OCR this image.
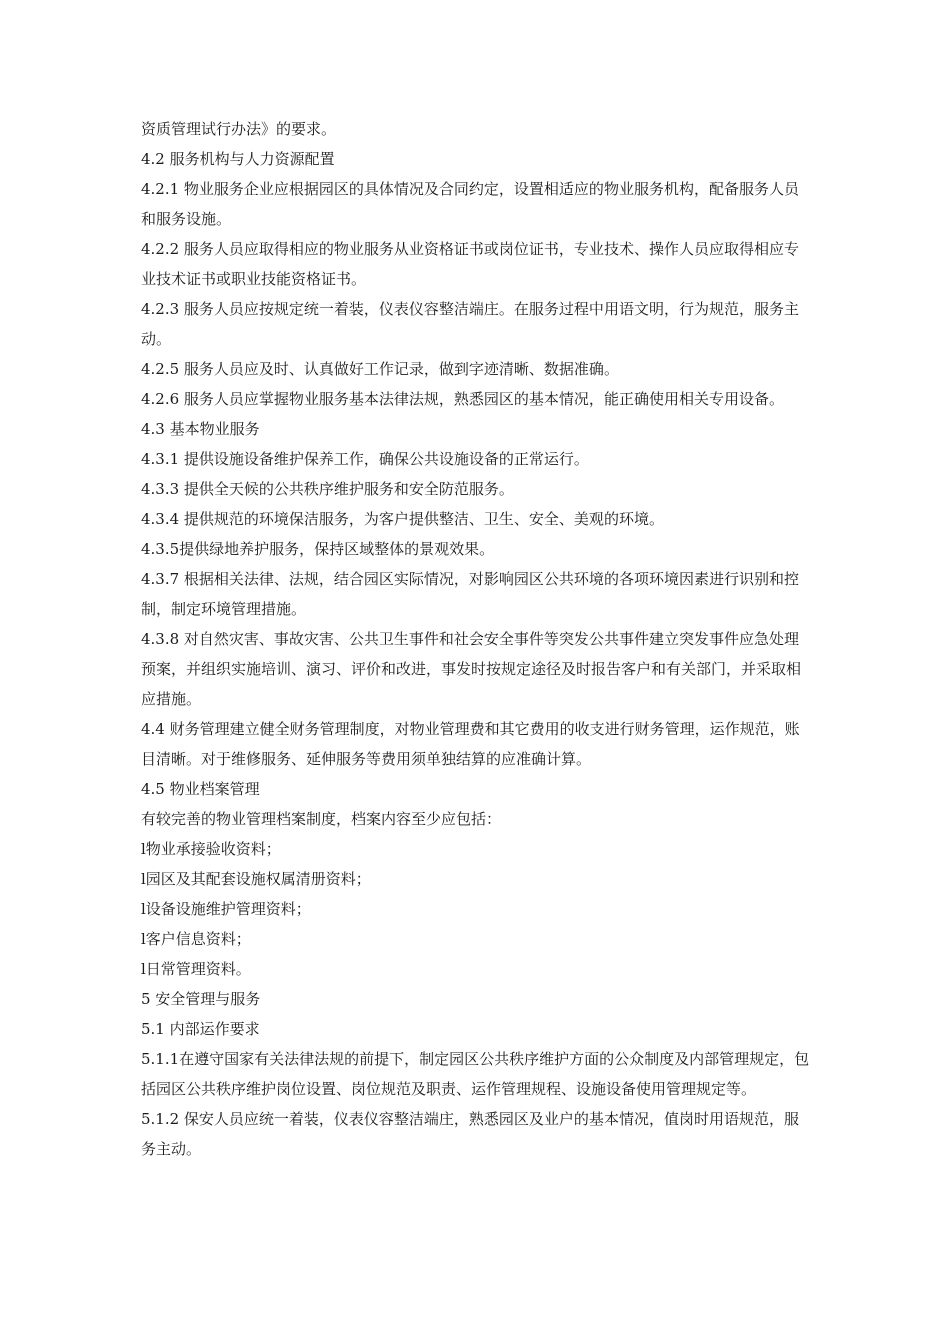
资质管理试行办法》的要求。

4.2 服务机构与人力资源配置

4.2.1 物业服务企业应根据园区的具体情况及合同约定，设置相适应的物业服务机构，配备服务人员和服务设施。

4.2.2 服务人员应取得相应的物业服务从业资格证书或岗位证书，专业技术、操作人员应取得相应专业技术证书或职业技能资格证书。

4.2.3 服务人员应按规定统一着装，仪表仪容整洁端庄。在服务过程中用语文明，行为规范，服务主动。

4.2.5 服务人员应及时、认真做好工作记录，做到字迹清晰、数据准确。

4.2.6 服务人员应掌握物业服务基本法律法规，熟悉园区的基本情况，能正确使用相关专用设备。

4.3 基本物业服务

4.3.1 提供设施设备维护保养工作，确保公共设施设备的正常运行。

4.3.3 提供全天候的公共秩序维护服务和安全防范服务。

4.3.4 提供规范的环境保洁服务，为客户提供整洁、卫生、安全、美观的环境。

4.3.5提供绿地养护服务，保持区域整体的景观效果。

4.3.7 根据相关法律、法规，结合园区实际情况，对影响园区公共环境的各项环境因素进行识别和控制，制定环境管理措施。

4.3.8 对自然灾害、事故灾害、公共卫生事件和社会安全事件等突发公共事件建立突发事件应急处理预案，并组织实施培训、演习、评价和改进，事发时按规定途径及时报告客户和有关部门，并采取相应措施。

4.4 财务管理建立健全财务管理制度，对物业管理费和其它费用的收支进行财务管理，运作规范，账目清晰。对于维修服务、延伸服务等费用须单独结算的应准确计算。

4.5 物业档案管理

有较完善的物业管理档案制度，档案内容至少应包括：

l物业承接验收资料；

l园区及其配套设施权属清册资料；

l设备设施维护管理资料；

l客户信息资料；

l日常管理资料。

5 安全管理与服务

5.1 内部运作要求

5.1.1在遵守国家有关法律法规的前提下，制定园区公共秩序维护方面的公众制度及内部管理规定，包括园区公共秩序维护岗位设置、岗位规范及职责、运作管理规程、设施设备使用管理规定等。

5.1.2 保安人员应统一着装，仪表仪容整洁端庄，熟悉园区及业户的基本情况，值岗时用语规范，服务主动。
